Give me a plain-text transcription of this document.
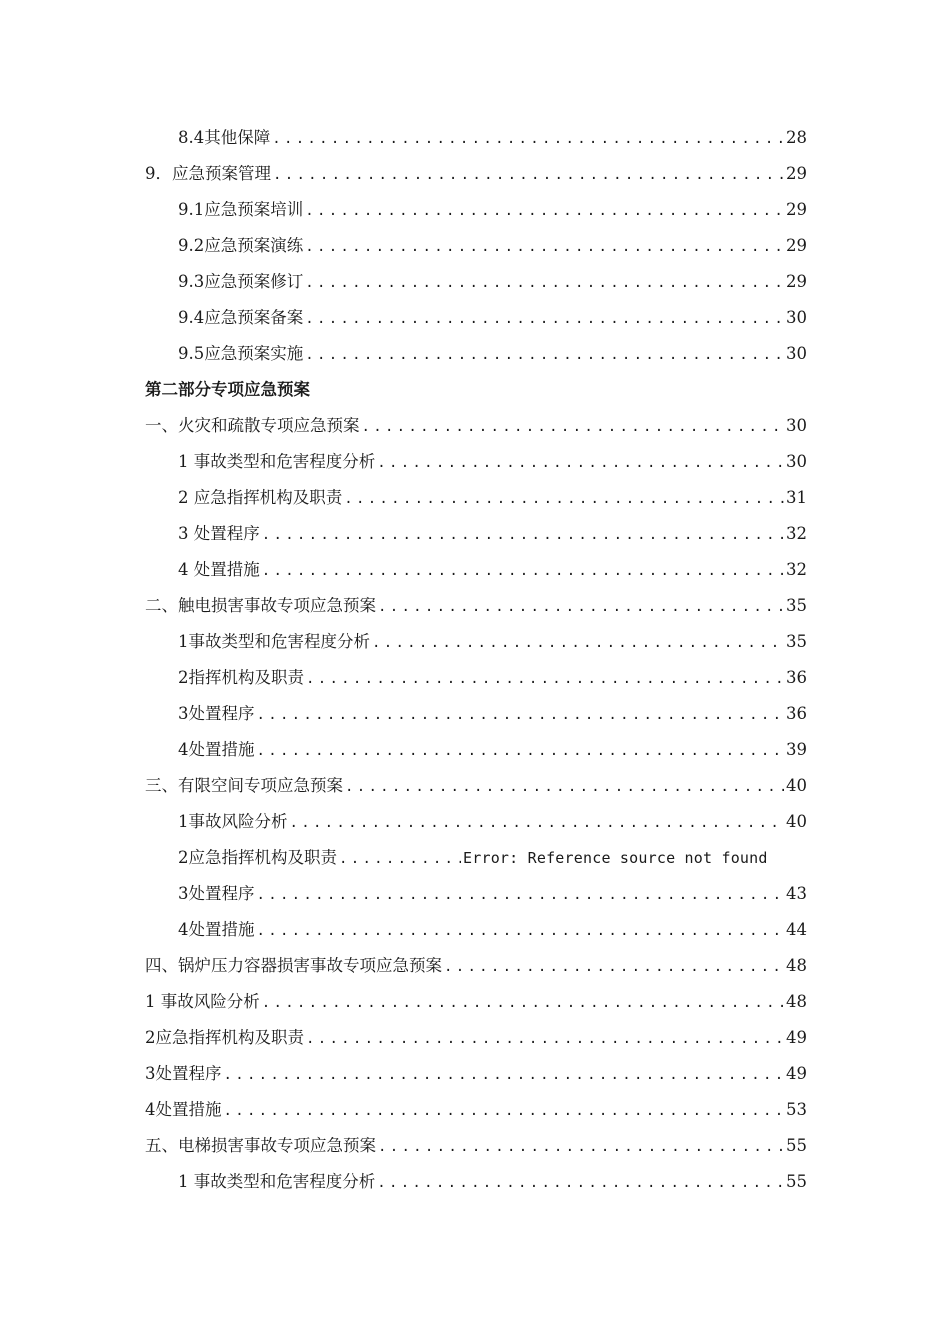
8.4其他保障 .....	28
9．应急预案管理 .....	29
9.1应急预案培训 .....	29
9.2应急预案演练 .....	29
9.3应急预案修订 .....	29
9.4应急预案备案 .....	30
9.5应急预案实施 .....	30
第二部分专项应急预案
一、火灾和疏散专项应急预案 .....	30
1 事故类型和危害程度分析 .....	30
2 应急指挥机构及职责 .....	31
3 处置程序 .....	32
4 处置措施 .....	32
二、触电损害事故专项应急预案 .....	35
1事故类型和危害程度分析 .....	35
2指挥机构及职责 .....	36
3处置程序 .....	36
4处置措施 .....	39
三、有限空间专项应急预案 .....	40
1事故风险分析 .....	40
2应急指挥机构及职责 .....	Error: Reference source not found
3处置程序 .....	43
4处置措施 .....	44
四、锅炉压力容器损害事故专项应急预案 .....	48
1 事故风险分析 .....	48
2应急指挥机构及职责 .....	49
3处置程序 .....	49
4处置措施 .....	53
五、电梯损害事故专项应急预案 .....	55
1 事故类型和危害程度分析 .....	55
